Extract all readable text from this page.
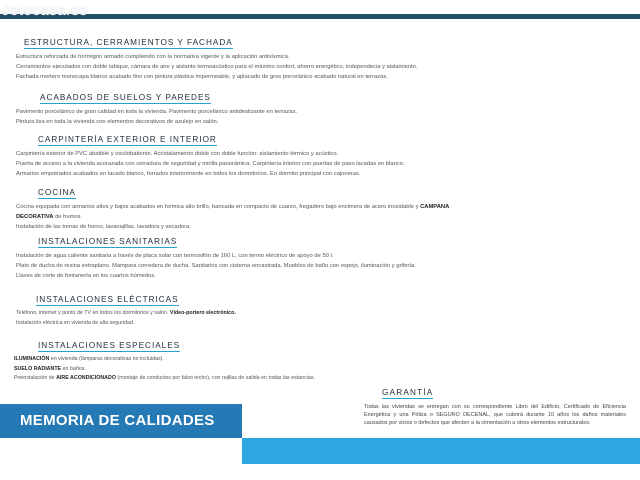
Jotocasa.es
ESTRUCTURA, CERRAMIENTOS Y FACHADA
Estructura reforzada de hormigón armado cumpliendo con la normativa vigente y la aplicación antisísmica.
Cerramientos ejecutados con doble tabique, cámara de aire y aislante termoacústico para el máximo confort, ahorro energético, independecia y aislamiento.
Fachada mortero monocapa blanco acabado fino con pintura plástica impermeable, y aplacado de gres porcelánico acabado natural en terrazas.
ACABADOS DE SUELOS Y PAREDES
Pavimento porcelánico de gran calidad en toda la vivienda. Pavimento porcelánico antideslizante en terrazas.
Pintura lisa en toda la vivienda con elementos decorativos de azulejo en salón.
CARPINTERÍA EXTERIOR E INTERIOR
Carpintería exterior de PVC abatible y oscilobatiente. Acristalamiento doble con doble función: aislamiento térmico y acústico.
Puerta de acceso a la vivienda acorazada con cerradura de seguridad y mirilla panorámica. Carpintería interior con puertas de paso lacadas en blanco.
Armarios empotrados acabados en lacado blanco, forrados interiormente en todos los dormitorios. En dormito principal con cajoneras.
COCINA
Cocina equipada con armarios altos y bajos acabados en formica alto brillo, bancada en compacto de cuarzo, fregadero bajo encimera de acero inoxidable y CAMPANA
DECORATIVA de humos.
Instalación de las tomas de horno, lavavajillas, lavadora y secadora.
INSTALACIONES SANITARIAS
Instalación de agua caliente sanitaria a través de placa solar con termosifón de 160 L, con termo eléctrico de apoyo de 50 l.
Plato de ducha de resina extraplano. Mampara corredera de ducha. Sanitarios con cisterna encastrada. Muebles de baño con espejo, iluminación y grifería.
Llaves de corte de fontanería en los cuartos húmedos.
INSTALACIONES ELÉCTRICAS
Teléfono, internet y punto de TV en todos los dormitorios y salón. Vídeo-portero electrónico.
Instalación eléctrica en vivienda de alta seguridad.
INSTALACIONES ESPECIALES
ILUMINACIÓN en vivienda (lámparas decorativas no incluidas).
SUELO RADIANTE en baños.
Preinstalación de AIRE ACONDICIONADO (montaje de conductos por falso techo), con rejillas de salida en todas las estancias.
GARANTÍA
Todas las viviendas se entregan con su correspondiente Libro del Edificio, Certificado de Eficiencia Energética y una Póliza o SEGURO DECENAL, que cubrirá durante 10 años los daños materiales causados por vicios o defectos que afecten a la cimentación u otros elementos estructurales.
MEMORIA DE CALIDADES
